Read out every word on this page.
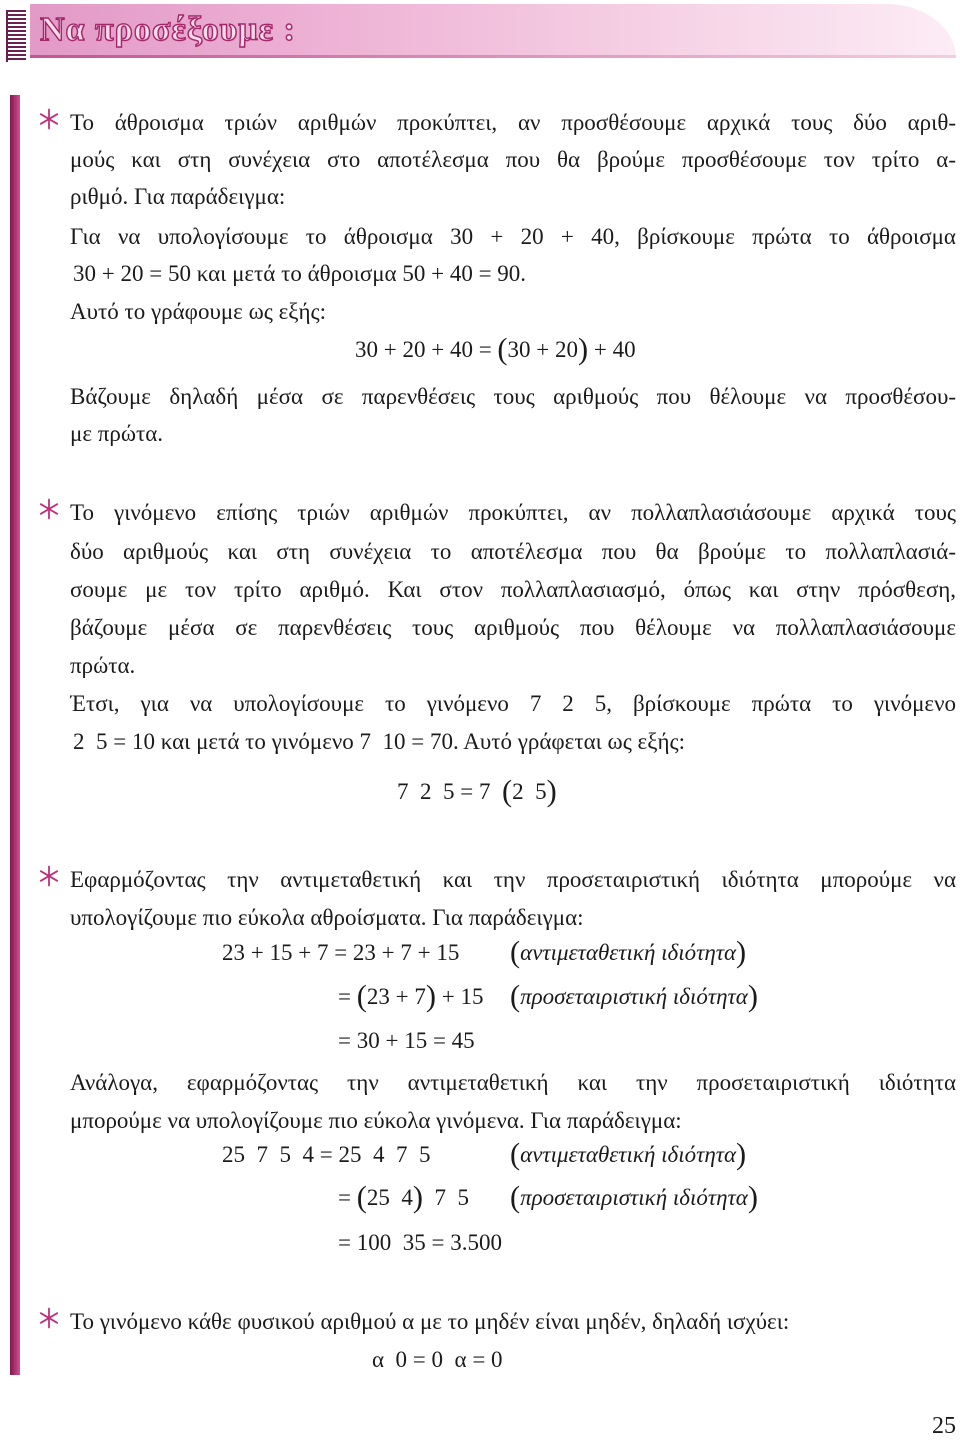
Να προσέξουμε :
Το άθροισμα τριών αριθμών προκύπτει, αν προσθέσουμε αρχικά τους δύο αριθ-
μούς και στη συνέχεια στο αποτέλεσμα που θα βρούμε προσθέσουμε τον τρίτο α-
ριθμό. Για παράδειγμα:
Για να υπολογίσουμε το άθροισμα 30 + 20 + 40, βρίσκουμε πρώτα το άθροισμα
30 + 20 = 50 και μετά το άθροισμα 50 + 40 = 90.
Αυτό το γράφουμε ως εξής:
30 + 20 + 40 = (30 + 20) + 40
Βάζουμε δηλαδή μέσα σε παρενθέσεις τους αριθμούς που θέλουμε να προσθέσου-
με πρώτα.
Το γινόμενο επίσης τριών αριθμών προκύπτει, αν πολλαπλασιάσουμε αρχικά τους
δύο αριθμούς και στη συνέχεια το αποτέλεσμα που θα βρούμε το πολλαπλασιά-
σουμε με τον τρίτο αριθμό. Και στον πολλαπλασιασμό, όπως και στην πρόσθεση,
βάζουμε μέσα σε παρενθέσεις τους αριθμούς που θέλουμε να πολλαπλασιάσουμε
πρώτα.
Έτσι, για να υπολογίσουμε το γινόμενο 7 2 5, βρίσκουμε πρώτα το γινόμενο
2  5 = 10 και μετά το γινόμενο 7  10 = 70. Αυτό γράφεται ως εξής:
7  2  5 = 7  (2  5)
Εφαρμόζοντας την αντιμεταθετική και την προσεταιριστική ιδιότητα μπορούμε να
υπολογίζουμε πιο εύκολα αθροίσματα. Για παράδειγμα:
23 + 15 + 7 = 23 + 7 + 15 (αντιμεταθετική ιδιότητα)
= (23 + 7) + 15 (προσεταιριστική ιδιότητα)
= 30 + 15 = 45
Ανάλογα, εφαρμόζοντας την αντιμεταθετική και την προσεταιριστική ιδιότητα
μπορούμε να υπολογίζουμε πιο εύκολα γινόμενα. Για παράδειγμα:
25  7  5  4 = 25  4  7  5	(αντιμεταθετική ιδιότητα)
= (25  4)  7  5 (προσεταιριστική ιδιότητα)
= 100  35 = 3.500
Το γινόμενο κάθε φυσικού αριθμού α με το μηδέν είναι μηδέν, δηλαδή ισχύει:
α  0 = 0  α = 0
25
